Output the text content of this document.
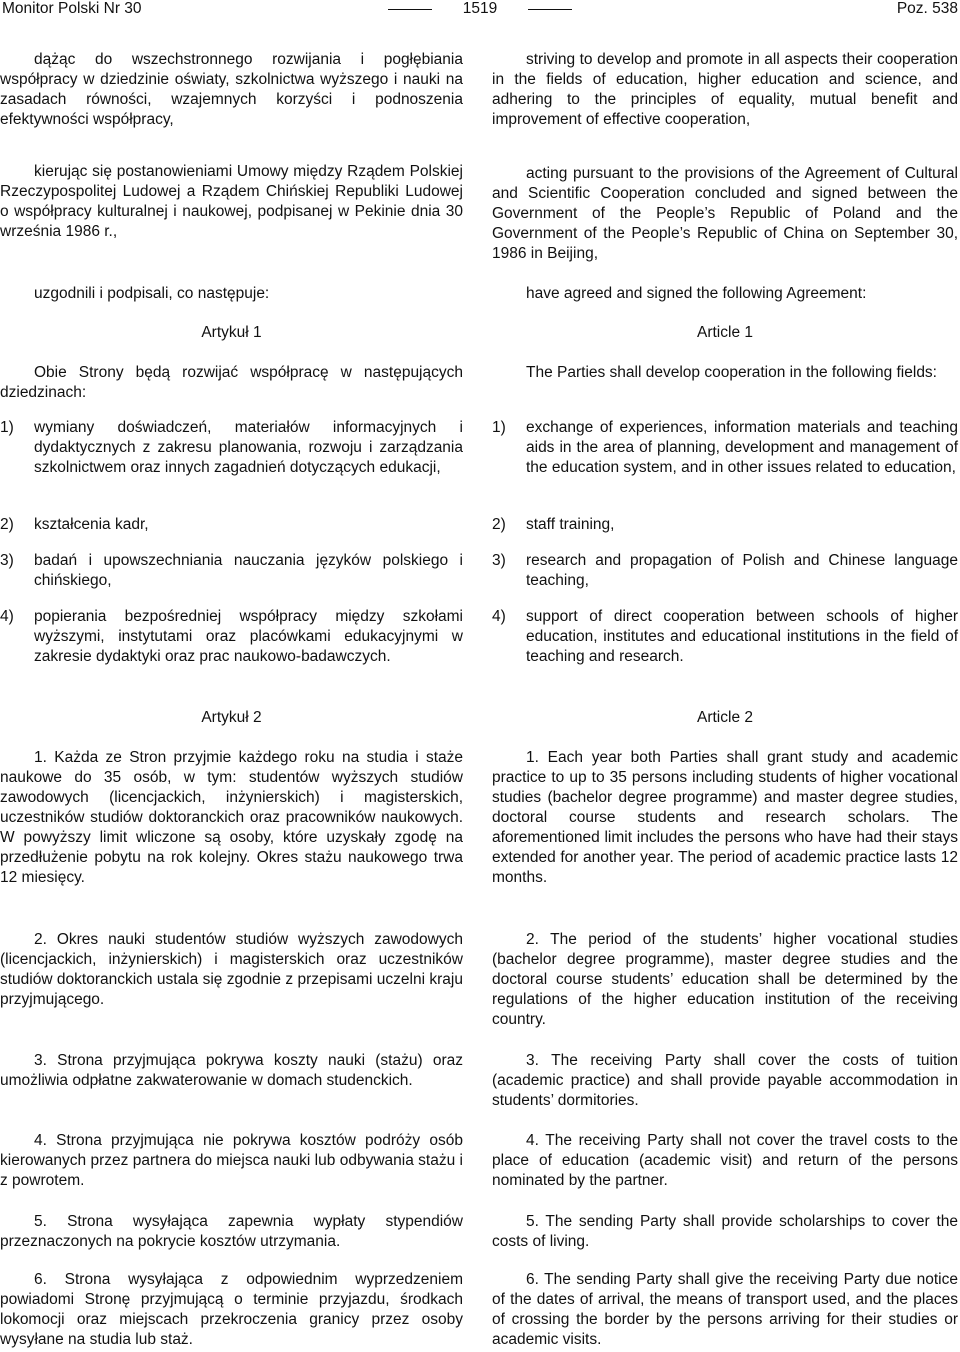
Monitor Polski Nr 30	1519	Poz. 538

dążąc do wszechstronnego rozwijania i pogłębiania współpracy w dziedzinie oświaty, szkolnictwa wyższego i nauki na zasadach równości, wzajemnych korzyści i podnoszenia efektywności współpracy,

kierując się postanowieniami Umowy między Rządem Polskiej Rzeczypospolitej Ludowej a Rządem Chińskiej Republiki Ludowej o współpracy kulturalnej i naukowej, podpisanej w Pekinie dnia 30 września 1986 r.,

uzgodnili i podpisali, co następuje:

Artykuł 1

Obie Strony będą rozwijać współpracę w następujących dziedzinach:

1) wymiany doświadczeń, materiałów informacyjnych i dydaktycznych z zakresu planowania, rozwoju i zarządzania szkolnictwem oraz innych zagadnień dotyczących edukacji,
2) kształcenia kadr,
3) badań i upowszechniania nauczania języków polskiego i chińskiego,
4) popierania bezpośredniej współpracy między szkołami wyższymi, instytutami oraz placówkami edukacyjnymi w zakresie dydaktyki oraz prac naukowo-badawczych.

Artykuł 2

1. Każda ze Stron przyjmie każdego roku na studia i staże naukowe do 35 osób, w tym: studentów wyższych studiów zawodowych (licencjackich, inżynierskich) i magisterskich, uczestników studiów doktoranckich oraz pracowników naukowych. W powyższy limit wliczone są osoby, które uzyskały zgodę na przedłużenie pobytu na rok kolejny. Okres stażu naukowego trwa 12 miesięcy.

2. Okres nauki studentów studiów wyższych zawodowych (licencjackich, inżynierskich) i magisterskich oraz uczestników studiów doktoranckich ustala się zgodnie z przepisami uczelni kraju przyjmującego.

3. Strona przyjmująca pokrywa koszty nauki (stażu) oraz umożliwia odpłatne zakwaterowanie w domach studenckich.

4. Strona przyjmująca nie pokrywa kosztów podróży osób kierowanych przez partnera do miejsca nauki lub odbywania stażu i z powrotem.

5. Strona wysyłająca zapewnia wypłaty stypendiów przeznaczonych na pokrycie kosztów utrzymania.

6. Strona wysyłająca z odpowiednim wyprzedzeniem powiadomi Stronę przyjmującą o terminie przyjazdu, środkach lokomocji oraz miejscach przekroczenia granicy przez osoby wysyłane na studia lub staż.

striving to develop and promote in all aspects their cooperation in the fields of education, higher education and science, and adhering to the principles of equality, mutual benefit and improvement of effective cooperation,

acting pursuant to the provisions of the Agreement of Cultural and Scientific Cooperation concluded and signed between the Government of the People’s Republic of Poland and the Government of the People’s Republic of China on September 30, 1986 in Beijing,

have agreed and signed the following Agreement:

Article 1

The Parties shall develop cooperation in the following fields:

1) exchange of experiences, information materials and teaching aids in the area of planning, development and management of the education system, and in other issues related to education,
2) staff training,
3) research and propagation of Polish and Chinese language teaching,
4) support of direct cooperation between schools of higher education, institutes and educational institutions in the field of teaching and research.

Article 2

1. Each year both Parties shall grant study and academic practice to up to 35 persons including students of higher vocational studies (bachelor degree programme) and master degree studies, doctoral course students and research scholars. The aforementioned limit includes the persons who have had their stays extended for another year. The period of academic practice lasts 12 months.

2. The period of the students’ higher vocational studies (bachelor degree programme), master degree studies and the doctoral course students’ education shall be determined by the regulations of the higher education institution of the receiving country.

3. The receiving Party shall cover the costs of tuition (academic practice) and shall provide payable accommodation in students’ dormitories.

4. The receiving Party shall not cover the travel costs to the place of education (academic visit) and return of the persons nominated by the partner.

5. The sending Party shall provide scholarships to cover the costs of living.

6. The sending Party shall give the receiving Party due notice of the dates of arrival, the means of transport used, and the places of crossing the border by the persons arriving for their studies or academic visits.
